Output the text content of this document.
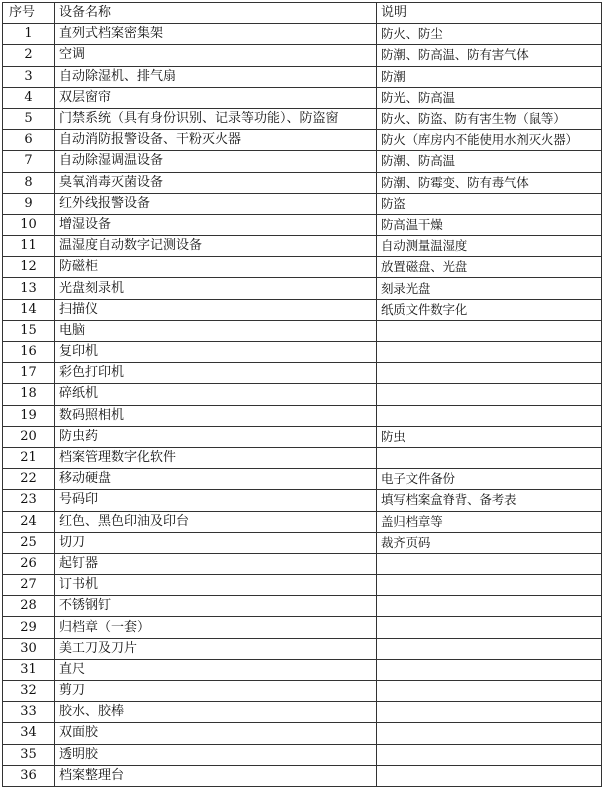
序号	设备名称	说明
1	直列式档案密集架	防火、防尘
2	空调	防潮、防高温、防有害气体
3	自动除湿机、排气扇	防潮
4	双层窗帘	防光、防高温
5	门禁系统（具有身份识别、记录等功能）、防盗窗	防火、防盗、防有害生物（鼠等）
6	自动消防报警设备、干粉灭火器	防火（库房内不能使用水剂灭火器）
7	自动除湿调温设备	防潮、防高温
8	臭氧消毒灭菌设备	防潮、防霉变、防有毒气体
9	红外线报警设备	防盗
10	增湿设备	防高温干燥
11	温湿度自动数字记测设备	自动测量温湿度
12	防磁柜	放置磁盘、光盘
13	光盘刻录机	刻录光盘
14	扫描仪	纸质文件数字化
15	电脑	
16	复印机	
17	彩色打印机	
18	碎纸机	
19	数码照相机	
20	防虫药	防虫
21	档案管理数字化软件	
22	移动硬盘	电子文件备份
23	号码印	填写档案盒脊背、备考表
24	红色、黑色印油及印台	盖归档章等
25	切刀	裁齐页码
26	起钉器	
27	订书机	
28	不锈钢钉	
29	归档章（一套）	
30	美工刀及刀片	
31	直尺	
32	剪刀	
33	胶水、胶棒	
34	双面胶	
35	透明胶	
36	档案整理台	
